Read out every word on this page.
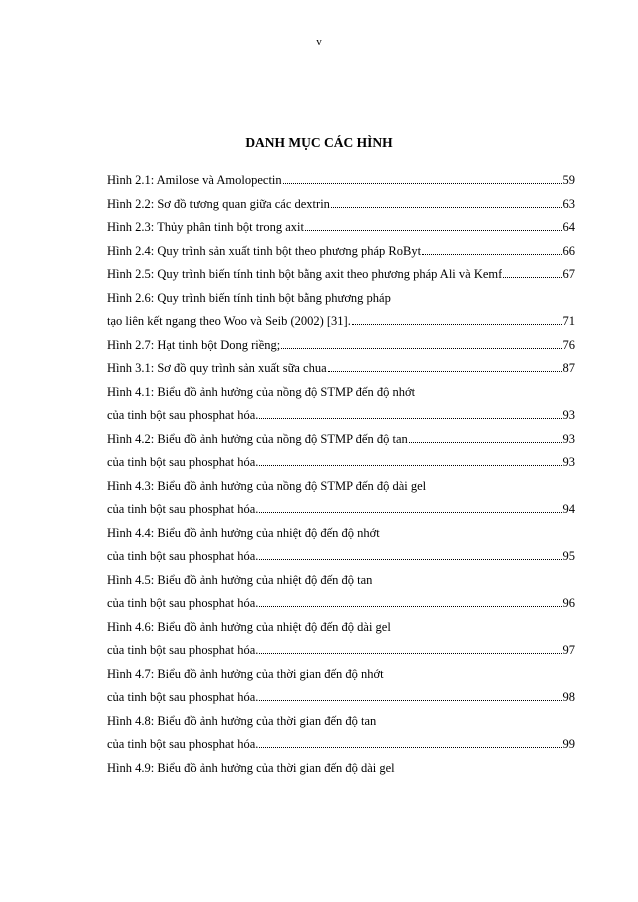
v
DANH MỤC CÁC HÌNH
Hình 2.1: Amilose và Amolopectin	59
Hình 2.2: Sơ đồ tương quan giữa các dextrin	63
Hình 2.3: Thủy phân tinh bột trong axit	64
Hình 2.4: Quy trình sản xuất tinh bột theo phương pháp RoByt	66
Hình 2.5: Quy trình biến tính tinh bột bằng axit theo phương pháp Ali và Kemf	67
Hình 2.6: Quy trình biến tính tinh bột bằng phương pháp
tạo liên kết ngang theo Woo và Seib (2002) [31].	71
Hình 2.7: Hạt tinh bột Dong riềng;	76
Hình 3.1: Sơ đồ quy trình sản xuất sữa chua	87
Hình 4.1: Biểu đồ ảnh hưởng của nồng độ STMP đến độ nhớt
của tinh bột sau phosphat hóa.	93
Hình 4.2: Biểu đồ ảnh hưởng của nồng độ STMP đến độ tan	93
của tinh bột sau phosphat hóa.	93
Hình 4.3: Biểu đồ ảnh hưởng của nồng độ STMP đến độ dài gel
của tinh bột sau phosphat hóa.	94
Hình 4.4: Biểu đồ ảnh hưởng của nhiệt độ đến độ nhớt
của tinh bột sau phosphat hóa.	95
Hình 4.5: Biểu đồ ảnh hưởng của nhiệt độ đến độ tan
của tinh bột sau phosphat hóa.	96
Hình 4.6: Biểu đồ ảnh hưởng của nhiệt độ đến độ dài gel
của tinh bột sau phosphat hóa.	97
Hình 4.7: Biểu đồ ảnh hưởng của thời gian đến độ nhớt
của tinh bột sau phosphat hóa.	98
Hình 4.8: Biểu đồ ảnh hưởng của thời gian đến độ tan
của tinh bột sau phosphat hóa.	99
Hình 4.9: Biểu đồ ảnh hưởng của thời gian đến độ dài gel
